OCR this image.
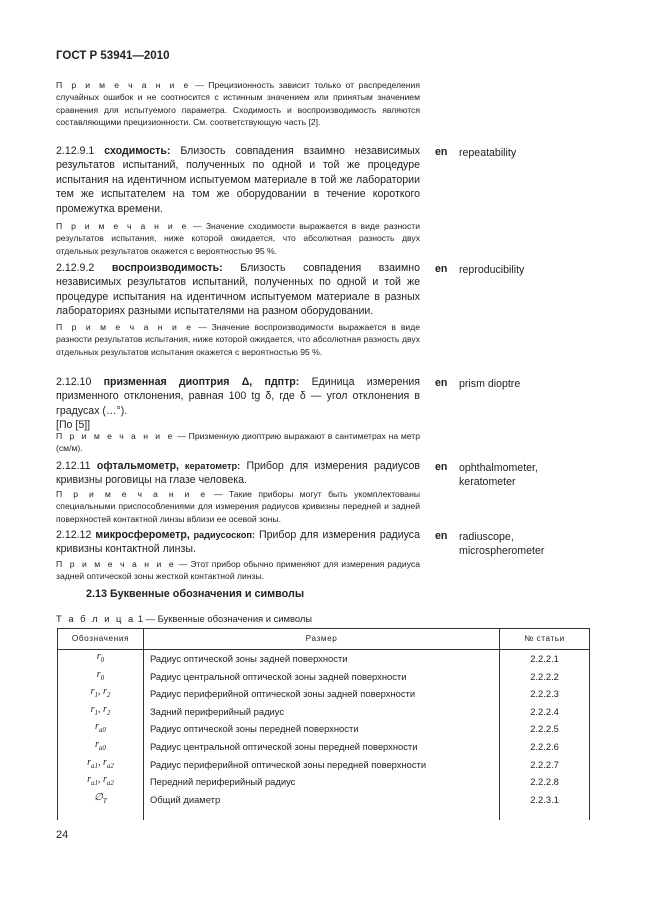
ГОСТ Р 53941—2010
П р и м е ч а н и е — Прецизионность зависит только от распределения случайных ошибок и не соотносится с истинным значением или принятым значением сравнения для испытуемого параметра. Сходимость и воспроизводимость являются составляющими прецизионности. См. соответствующую часть [2].
2.12.9.1 сходимость: Близость совпадения взаимно независимых результатов испытаний, полученных по одной и той же процедуре испытания на идентичном испытуемом материале в той же лаборатории тем же испытателем на том же оборудовании в течение короткого промежутка времени.
en repeatability
П р и м е ч а н и е — Значение сходимости выражается в виде разности результатов испытания, ниже которой ожидается, что абсолютная разность двух отдельных результатов окажется с вероятностью 95 %.
2.12.9.2 воспроизводимость: Близость совпадения взаимно независимых результатов испытаний, полученных по одной и той же процедуре испытания на идентичном испытуемом материале в разных лабораториях разными испытателями на разном оборудовании.
en reproducibility
П р и м е ч а н и е — Значение воспроизводимости выражается в виде разности результатов испытания, ниже которой ожидается, что абсолютная разность двух отдельных результатов испытания окажется с вероятностью 95 %.
2.12.10 призменная диоптрия Δ, пдптр: Единица измерения призменного отклонения, равная 100 tg δ, где δ — угол отклонения в градусах (…°).
[По [5]]
en prism dioptre
П р и м е ч а н и е — Призменную диоптрию выражают в сантиметрах на метр (см/м).
2.12.11 офтальмометр, кератометр: Прибор для измерения радиусов кривизны роговицы на глазе человека.
en ophthalmometer,
keratometer
П р и м е ч а н и е — Такие приборы могут быть укомплектованы специальными приспособлениями для измерения радиусов кривизны передней и задней поверхностей контактной линзы вблизи ее осевой зоны.
2.12.12 микросферометр, радиусоскоп: Прибор для измерения радиуса кривизны контактной линзы.
en radiuscope,
microspherometer
П р и м е ч а н и е — Этот прибор обычно применяют для измерения радиуса задней оптической зоны жесткой контактной линзы.
2.13 Буквенные обозначения и символы
Т а б л и ц а 1 — Буквенные обозначения и символы
Обозначения	Размер	№ статьи
$r_0$	Радиус оптической зоны задней поверхности	2.2.2.1
$r_0$	Радиус центральной оптической зоны задней поверхности	2.2.2.2
$r_1$, $r_2$	Радиус периферийной оптической зоны задней поверхности	2.2.2.3
$r_1$, $r_2$	Задний периферийный радиус	2.2.2.4
$r_{a0}$	Радиус оптической зоны передней поверхности	2.2.2.5
$r_{a0}$	Радиус центральной оптической зоны передней поверхности	2.2.2.6
$r_{a1}$, $r_{a2}$	Радиус периферийной оптической зоны передней поверхности	2.2.2.7
$r_{a1}$, $r_{a2}$	Передний периферийный радиус	2.2.2.8
$\emptyset_T$	Общий диаметр	2.2.3.1

24
